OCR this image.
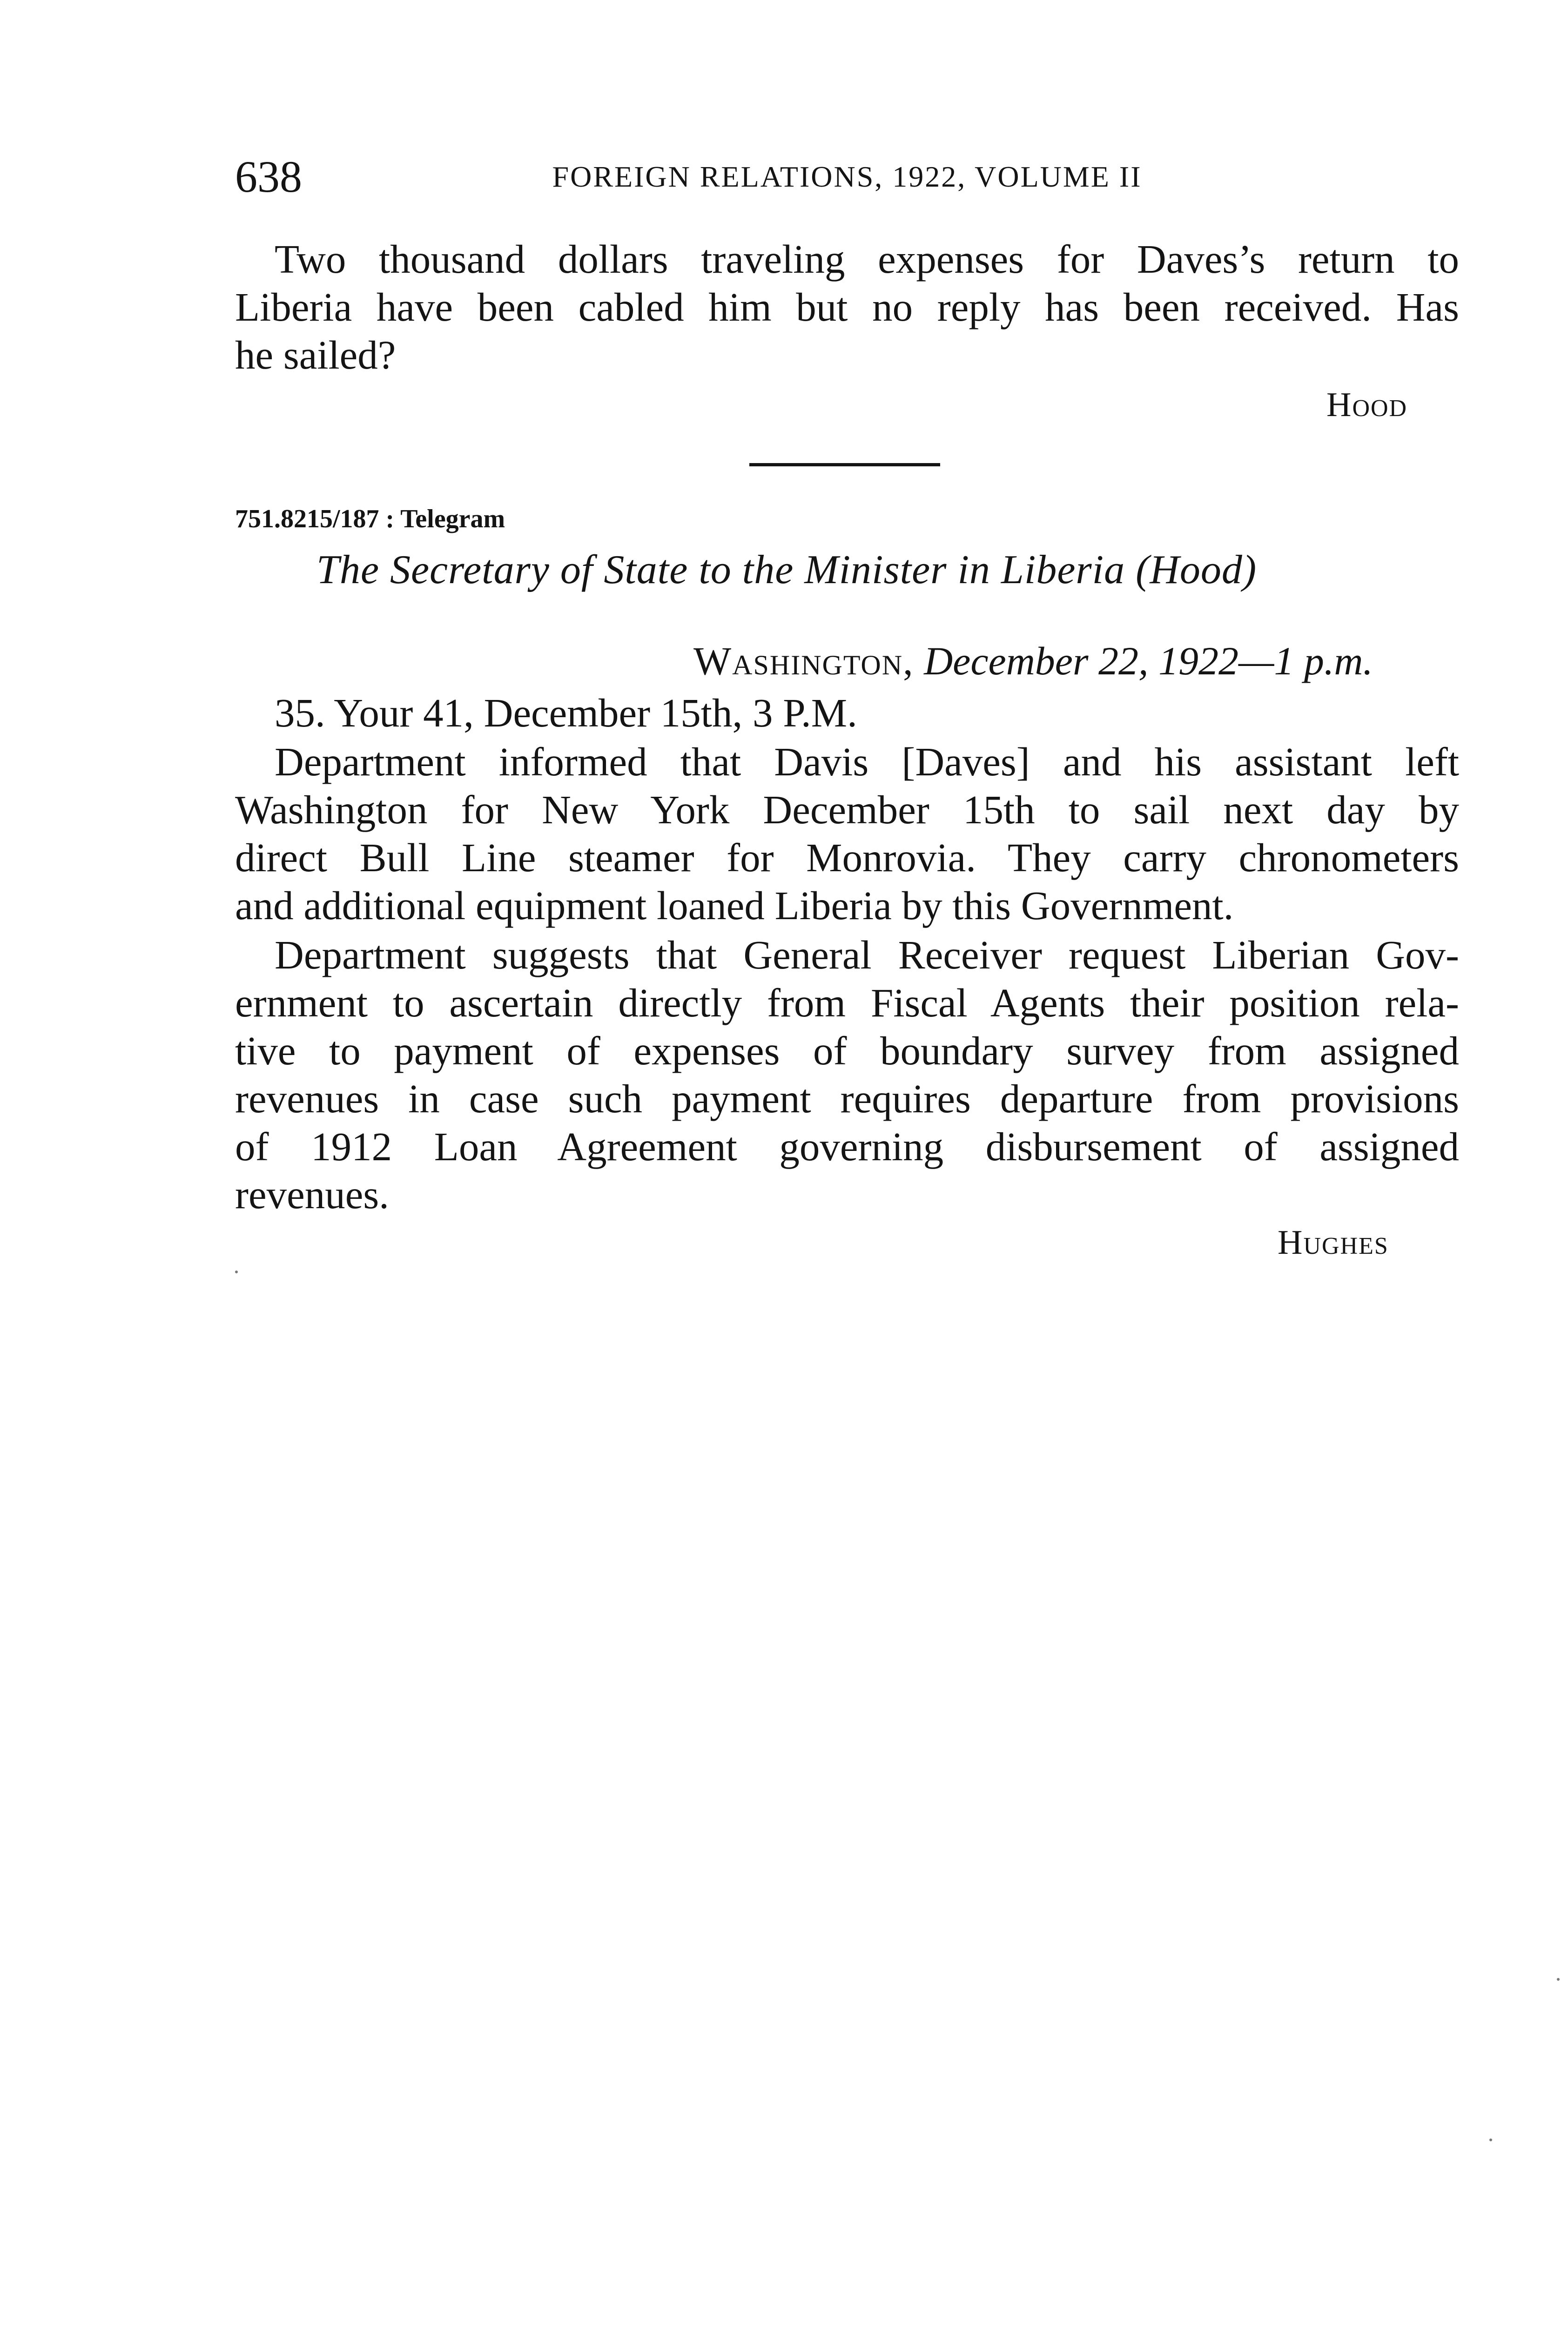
638	FOREIGN RELATIONS, 1922, VOLUME II
Two thousand dollars traveling expenses for Daves’s return to
Liberia have been cabled him but no reply has been received. Has
he sailed?
Hood
751.8215/187 : Telegram
The Secretary of State to the Minister in Liberia (Hood)
Washington, December 22, 1922—1 p.m.
35. Your 41, December 15th, 3 P.M.
Department informed that Davis [Daves] and his assistant left
Washington for New York December 15th to sail next day by
direct Bull Line steamer for Monrovia. They carry chronometers
and additional equipment loaned Liberia by this Government.
Department suggests that General Receiver request Liberian Gov-
ernment to ascertain directly from Fiscal Agents their position rela-
tive to payment of expenses of boundary survey from assigned
revenues in case such payment requires departure from provisions
of 1912 Loan Agreement governing disbursement of assigned
revenues.
Hughes
